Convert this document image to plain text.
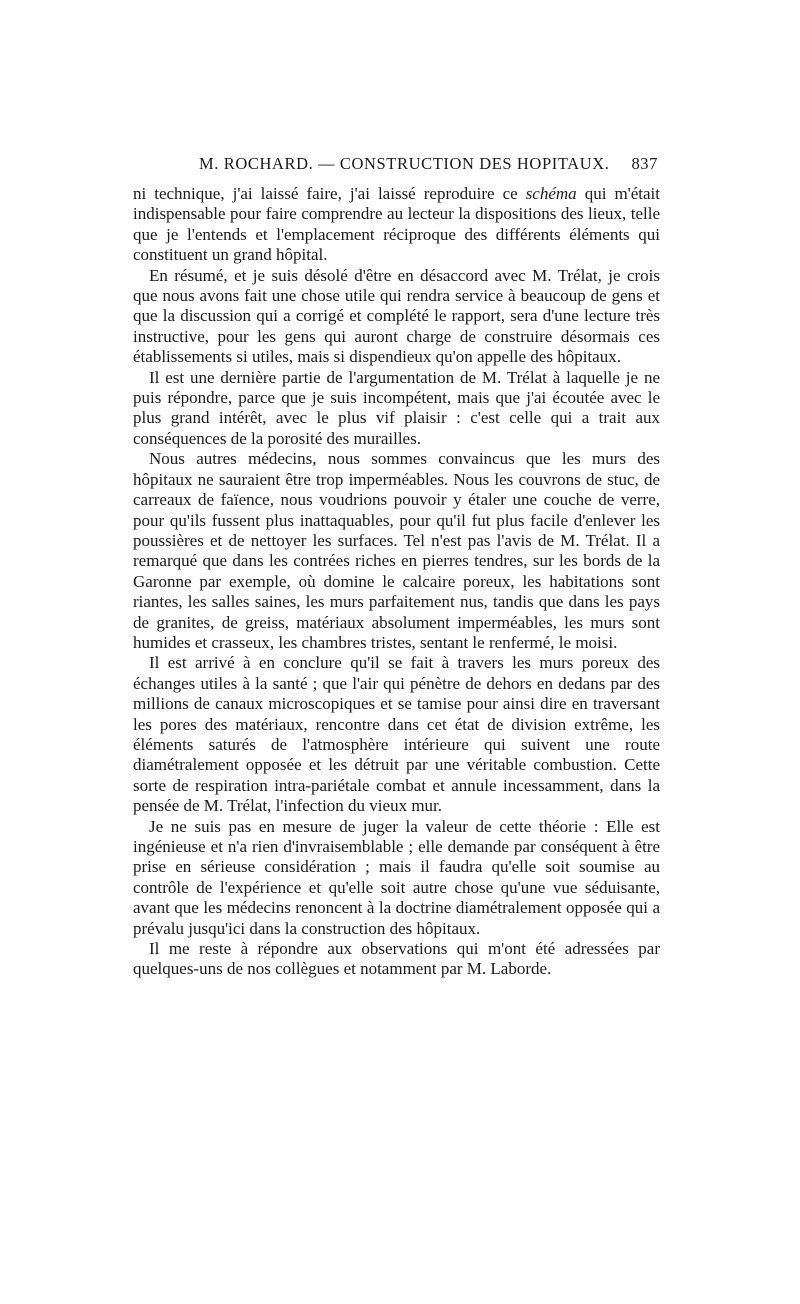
M. ROCHARD. — CONSTRUCTION DES HOPITAUX. 837

ni technique, j'ai laissé faire, j'ai laissé reproduire ce schéma qui m'était indispensable pour faire comprendre au lecteur la dispositions des lieux, telle que je l'entends et l'emplacement réciproque des différents éléments qui constituent un grand hôpital.

En résumé, et je suis désolé d'être en désaccord avec M. Trélat, je crois que nous avons fait une chose utile qui rendra service à beaucoup de gens et que la discussion qui a corrigé et complété le rapport, sera d'une lecture très instructive, pour les gens qui auront charge de construire désormais ces établissements si utiles, mais si dispendieux qu'on appelle des hôpitaux.

Il est une dernière partie de l'argumentation de M. Trélat à laquelle je ne puis répondre, parce que je suis incompétent, mais que j'ai écoutée avec le plus grand intérêt, avec le plus vif plaisir : c'est celle qui a trait aux conséquences de la porosité des murailles.

Nous autres médecins, nous sommes convaincus que les murs des hôpitaux ne sauraient être trop imperméables. Nous les couvrons de stuc, de carreaux de faïence, nous voudrions pouvoir y étaler une couche de verre, pour qu'ils fussent plus inattaquables, pour qu'il fut plus facile d'enlever les poussières et de nettoyer les surfaces. Tel n'est pas l'avis de M. Trélat. Il a remarqué que dans les contrées riches en pierres tendres, sur les bords de la Garonne par exemple, où domine le calcaire poreux, les habitations sont riantes, les salles saines, les murs parfaitement nus, tandis que dans les pays de granites, de greiss, matériaux absolument imperméables, les murs sont humides et crasseux, les chambres tristes, sentant le renfermé, le moisi.

Il est arrivé à en conclure qu'il se fait à travers les murs poreux des échanges utiles à la santé ; que l'air qui pénètre de dehors en dedans par des millions de canaux microscopiques et se tamise pour ainsi dire en traversant les pores des matériaux, rencontre dans cet état de division extrême, les éléments saturés de l'atmosphère intérieure qui suivent une route diamétralement opposée et les détruit par une véritable combustion. Cette sorte de respiration intra-pariétale combat et annule incessamment, dans la pensée de M. Trélat, l'infection du vieux mur.

Je ne suis pas en mesure de juger la valeur de cette théorie : Elle est ingénieuse et n'a rien d'invraisemblable ; elle demande par conséquent à être prise en sérieuse considération ; mais il faudra qu'elle soit soumise au contrôle de l'expérience et qu'elle soit autre chose qu'une vue séduisante, avant que les médecins renoncent à la doctrine diamétralement opposée qui a prévalu jusqu'ici dans la construction des hôpitaux.

Il me reste à répondre aux observations qui m'ont été adressées par quelques-uns de nos collègues et notamment par M. Laborde.
